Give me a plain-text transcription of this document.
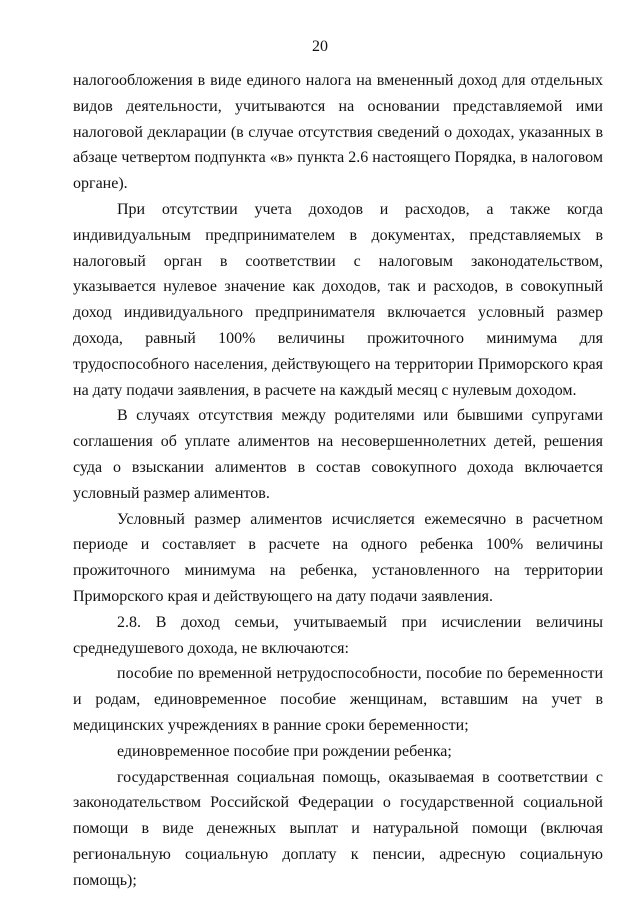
20

налогообложения в виде единого налога на вмененный доход для отдельных видов деятельности, учитываются на основании представляемой ими налоговой декларации (в случае отсутствия сведений о доходах, указанных в абзаце четвертом подпункта «в» пункта 2.6 настоящего Порядка, в налоговом органе).

При отсутствии учета доходов и расходов, а также когда индивидуальным предпринимателем в документах, представляемых в налоговый орган в соответствии с налоговым законодательством, указывается нулевое значение как доходов, так и расходов, в совокупный доход индивидуального предпринимателя включается условный размер дохода, равный 100% величины прожиточного минимума для трудоспособного населения, действующего на территории Приморского края на дату подачи заявления, в расчете на каждый месяц с нулевым доходом.

В случаях отсутствия между родителями или бывшими супругами соглашения об уплате алиментов на несовершеннолетних детей, решения суда о взыскании алиментов в состав совокупного дохода включается условный размер алиментов.

Условный размер алиментов исчисляется ежемесячно в расчетном периоде и составляет в расчете на одного ребенка 100% величины прожиточного минимума на ребенка, установленного на территории Приморского края и действующего на дату подачи заявления.

2.8. В доход семьи, учитываемый при исчислении величины среднедушевого дохода, не включаются:

пособие по временной нетрудоспособности, пособие по беременности и родам, единовременное пособие женщинам, вставшим на учет в медицинских учреждениях в ранние сроки беременности;

единовременное пособие при рождении ребенка;

государственная социальная помощь, оказываемая в соответствии с законодательством Российской Федерации о государственной социальной помощи в виде денежных выплат и натуральной помощи (включая региональную социальную доплату к пенсии, адресную социальную помощь);
